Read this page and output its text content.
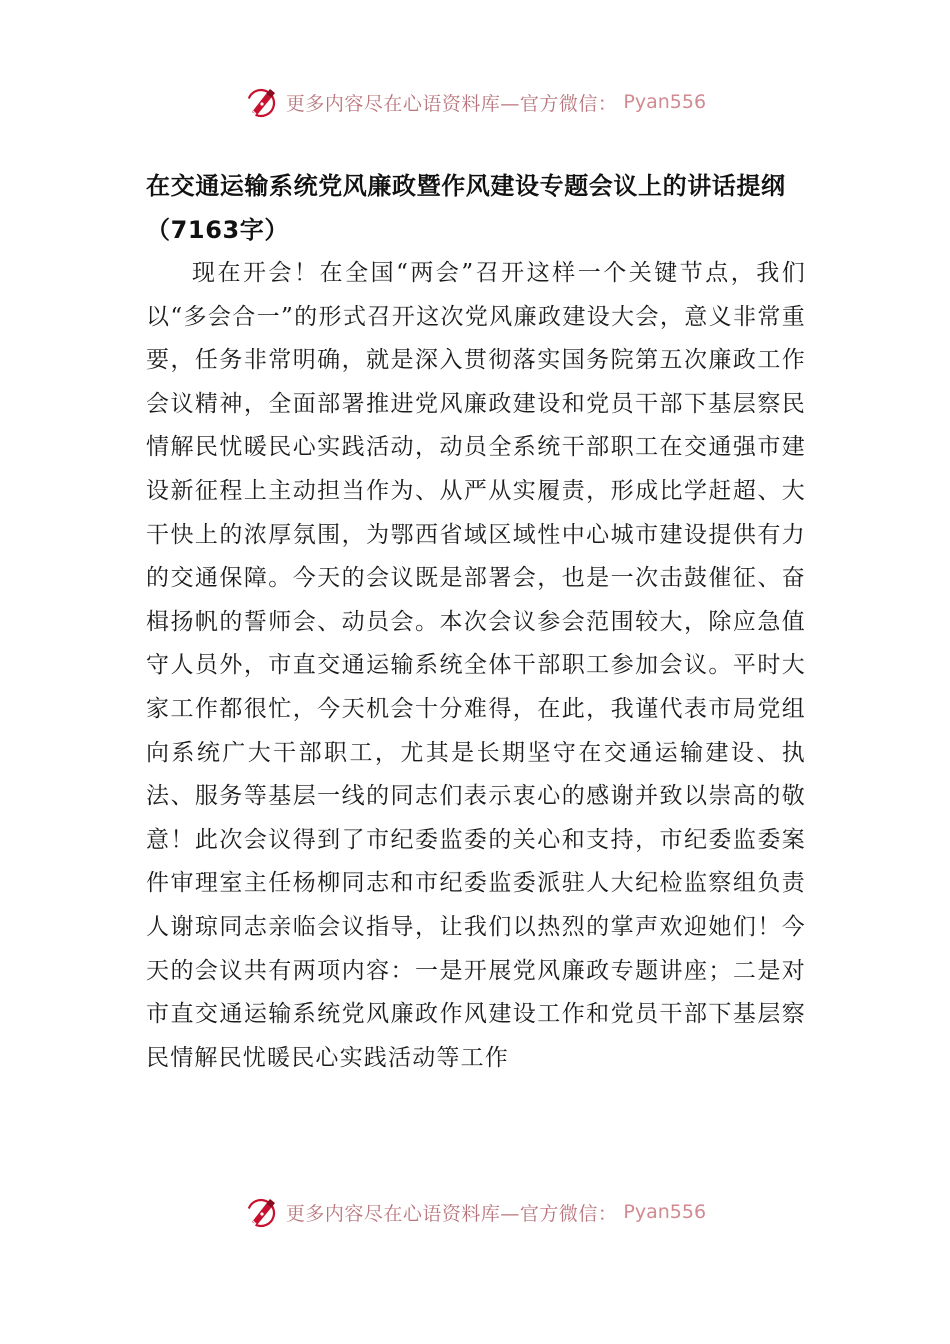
更多内容尽在心语资料库—官方微信： Pyan556
在交通运输系统党风廉政暨作风建设专题会议上的讲话提纲（7163字）

现在开会！在全国“两会”召开这样一个关键节点，我们以“多会合一”的形式召开这次党风廉政建设大会，意义非常重要，任务非常明确，就是深入贯彻落实国务院第五次廉政工作会议精神，全面部署推进党风廉政建设和党员干部下基层察民情解民忧暖民心实践活动，动员全系统干部职工在交通强市建设新征程上主动担当作为、从严从实履责，形成比学赶超、大干快上的浓厚氛围，为鄂西省域区域性中心城市建设提供有力的交通保障。今天的会议既是部署会，也是一次击鼓催征、奋楫扬帆的誓师会、动员会。本次会议参会范围较大，除应急值守人员外，市直交通运输系统全体干部职工参加会议。平时大家工作都很忙，今天机会十分难得，在此，我谨代表市局党组向系统广大干部职工，尤其是长期坚守在交通运输建设、执法、服务等基层一线的同志们表示衷心的感谢并致以崇高的敬意！此次会议得到了市纪委监委的关心和支持，市纪委监委案件审理室主任杨柳同志和市纪委监委派驻人大纪检监察组负责人谢琼同志亲临会议指导，让我们以热烈的掌声欢迎她们！今天的会议共有两项内容：一是开展党风廉政专题讲座；二是对市直交通运输系统党风廉政作风建设工作和党员干部下基层察民情解民忧暖民心实践活动等工作

更多内容尽在心语资料库—官方微信： Pyan556
